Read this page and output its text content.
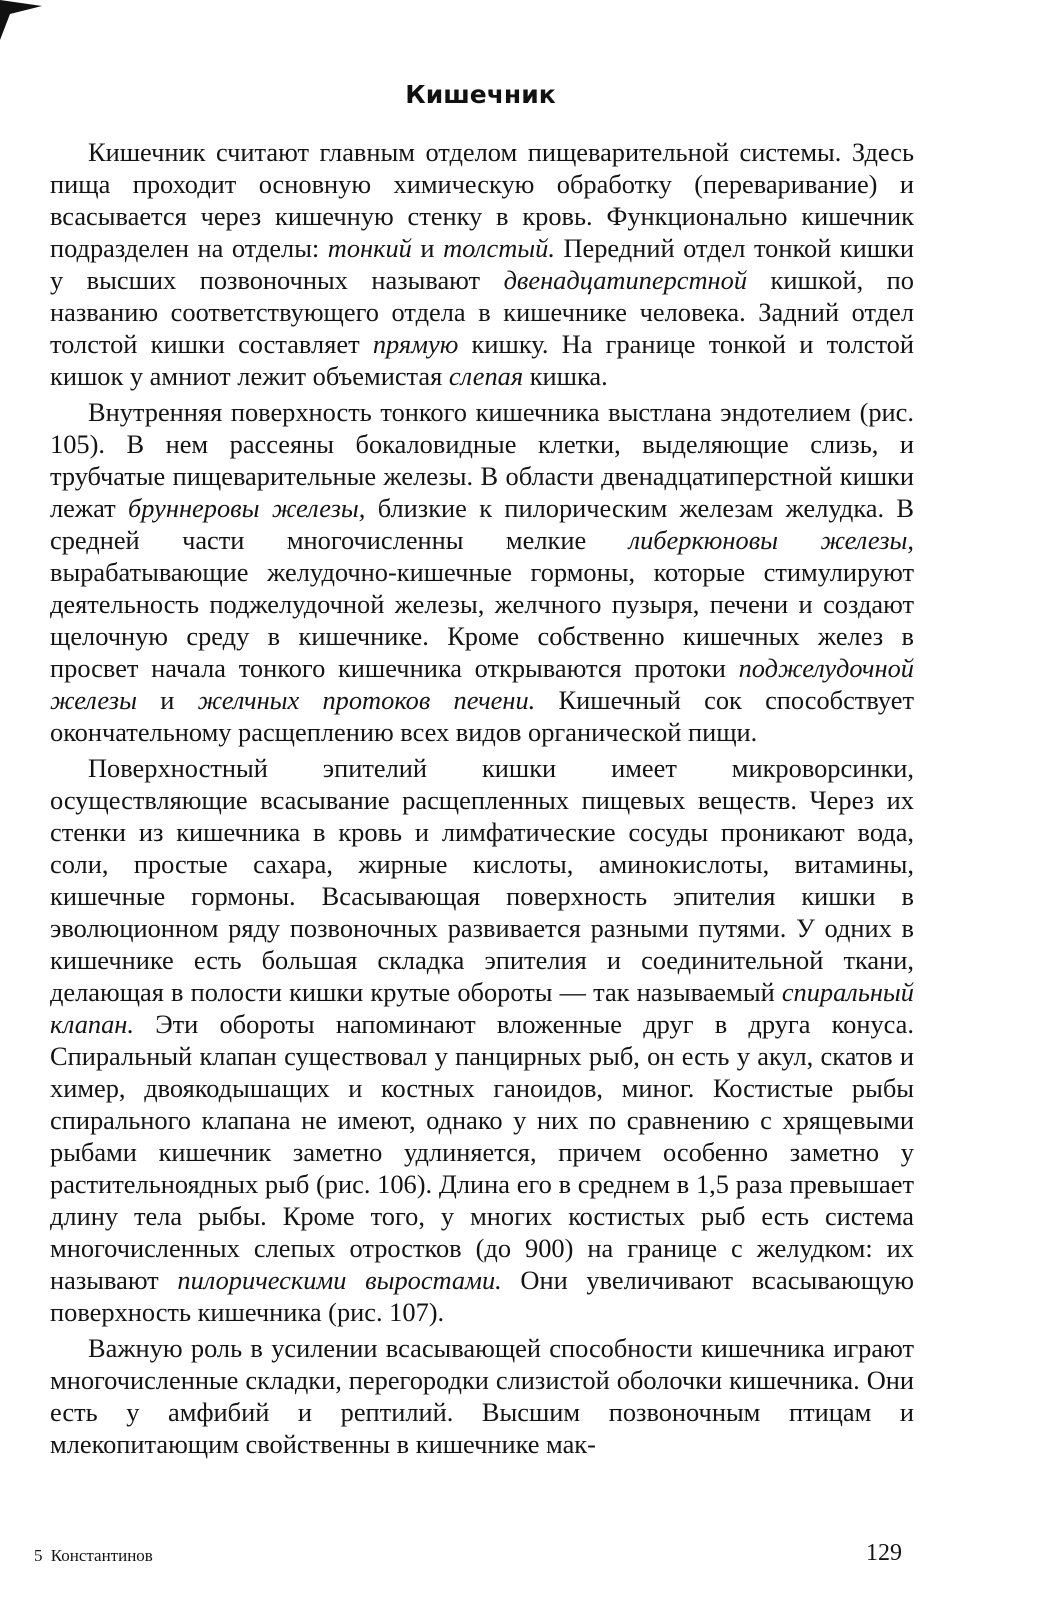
Кишечник

Кишечник считают главным отделом пищеварительной системы. Здесь пища проходит основную химическую обработку (переваривание) и всасывается через кишечную стенку в кровь. Функционально кишечник подразделен на отделы: тонкий и толстый. Передний отдел тонкой кишки у высших позвоночных называют двенадцатиперстной кишкой, по названию соответствующего отдела в кишечнике человека. Задний отдел толстой кишки составляет прямую кишку. На границе тонкой и толстой кишок у амниот лежит объемистая слепая кишка.

Внутренняя поверхность тонкого кишечника выстлана эндотелием (рис. 105). В нем рассеяны бокаловидные клетки, выделяющие слизь, и трубчатые пищеварительные железы. В области двенадцатиперстной кишки лежат бруннеровы железы, близкие к пилорическим железам желудка. В средней части многочисленны мелкие либеркюновы железы, вырабатывающие желудочно-кишечные гормоны, которые стимулируют деятельность поджелудочной железы, желчного пузыря, печени и создают щелочную среду в кишечнике. Кроме собственно кишечных желез в просвет начала тонкого кишечника открываются протоки поджелудочной железы и желчных протоков печени. Кишечный сок способствует окончательному расщеплению всех видов органической пищи.

Поверхностный эпителий кишки имеет микроворсинки, осуществляющие всасывание расщепленных пищевых веществ. Через их стенки из кишечника в кровь и лимфатические сосуды проникают вода, соли, простые сахара, жирные кислоты, аминокислоты, витамины, кишечные гормоны. Всасывающая поверхность эпителия кишки в эволюционном ряду позвоночных развивается разными путями. У одних в кишечнике есть большая складка эпителия и соединительной ткани, делающая в полости кишки крутые обороты — так называемый спиральный клапан. Эти обороты напоминают вложенные друг в друга конуса. Спиральный клапан существовал у панцирных рыб, он есть у акул, скатов и химер, двоякодышащих и костных ганоидов, миног. Костистые рыбы спирального клапана не имеют, однако у них по сравнению с хрящевыми рыбами кишечник заметно удлиняется, причем особенно заметно у растительноядных рыб (рис. 106). Длина его в среднем в 1,5 раза превышает длину тела рыбы. Кроме того, у многих костистых рыб есть система многочисленных слепых отростков (до 900) на границе с желудком: их называют пилорическими выростами. Они увеличивают всасывающую поверхность кишечника (рис. 107).

Важную роль в усилении всасывающей способности кишечника играют многочисленные складки, перегородки слизистой оболочки кишечника. Они есть у амфибий и рептилий. Высшим позвоночным птицам и млекопитающим свойственны в кишечнике мак-

5 Константинов	129
